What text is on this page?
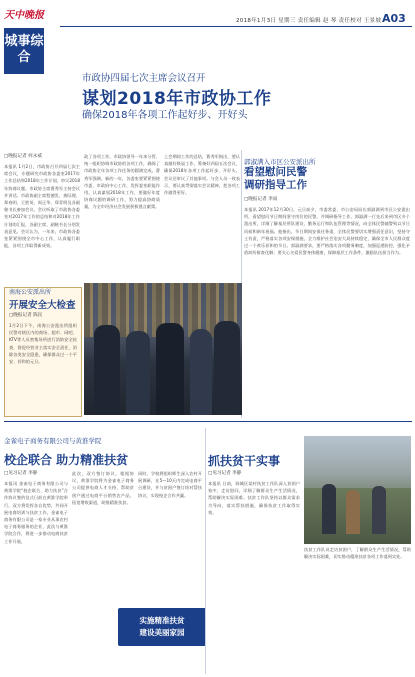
天中晚报
城事综合
2018年1月3日 星期三 责任编辑 赵 琴 责任校对 王景坡 A03
市政协四届七次主席会议召开
谋划2018年市政协工作
确保2018年各项工作起好步、开好头
□晚报记者 何永威
本报讯 1月2日，市政协召开四届七次主席会议，专题研究市政协各委室2017年工作总结和2018年工作计划，审议2018年协商议题。市政协主席曹秀军主持会议并讲话。市政协副主席程德发、黄际理、郑春明、王胜英、周正华、郑青明及各副秘书长参加会议。会议听取了市政协各委室对2017年工作的总结和对2018年工作计划的汇报，各副主席、副秘书长分别发表意见。会议认为，一年来，市政协各委室紧紧围绕全市中心工作，认真履行职能，各项工作取得新成效。
政了各项工作。市政协领导一年来分管、统一组织协调市政协的各项工作，确保了市政协全年各项工作任务的圆满完成。曹秀军强调，新的一年，各委室要紧紧围绕市委、市政府中心工作，发挥委室职能作用，认真谋划2018年工作，要做好年度协商议题的调研工作，努力提高协商质量，为全市经济社会发展积极建言献策。
上会期间工作的总结，曹秀军指出，要认真做好换届工作，筹备好四届五次会议，确保2018年各项工作起好步、开好头。会议还审议了其他事项。与会人员一致表示，要认真贯彻落实会议精神，把各项工作做得更好。
郭淑满入市区公安派出所
看望慰问民警
调研指导工作
□晚报记者 李雨
本报讯 2017年12月30日，元旦前夕，市委常委、市公安局局长郭淑满到市区公安派出所，看望慰问节日期间坚守岗位的民警，并调研指导工作。郭淑满一行先后来到市区多个派出所，详细了解基层所队建设、勤务运行和队伍管理等情况，向全体民警辅警致以节日问候和新年祝福。他指出，节日期间安保任务重，全体民警要切实增强责任意识，坚持守土有责，严格落实各项安保措施，全力维护社会治安大局持续稳定，确保全市人民群众度过一个欢乐祥和的节日。郭淑满要求，要严格落实各项勤务制度，加强巡逻防控，强化矛盾纠纷排查化解；要关心关爱民警身体健康，保障基层工作条件，激励队伍担当作为。
南海公安派出所
开展安全大检查
□晚报记者 陈民
1月2日下午，南海公安派出所组织民警对辖区内的商场、超市、网吧、KTV等人员密集场所进行消防安全检查，督促经营业主落实安全责任，消除各类安全隐患，确保群众过一个平安、祥和的元旦。
金雀电子商务有限公司与黄淮学院
校企联合 助力精准扶贫
□见习记者 李静
本报讯 金雀电子商务有限公司与黄淮学院“校企联合、助力扶贫”合作协议签约仪式日前在黄淮学院举行，双方将发挥各自优势，共同开展电商培训与扶贫工作。金雀电子商务有限公司是一家专业从事农村电子商务服务的企业，此次与黄淮学院合作，将进一步推动电商扶贫工作开展。
此次，双方签订协议，根据协议，黄淮学院将为金雀电子商务公司提供电商人才支持，帮助贫困户通过电商平台销售农产品，拓宽增收渠道，助推精准扶贫。
同时，学校将组织师生深入农村开展调研，在5—10天内完成电商平台建设，并与贫困户签订结对帮扶协议，实现校企合作共赢。
实施精准扶贫
建设美丽家园
抓扶贫干实事
□见习记者 李静
本报讯 日前，驿城区某村扶贫工作队深入贫困户家中，走访慰问，详细了解群众生产生活情况，帮助解决实际困难。扶贫工作队坚持以群众需求为导向，落实帮扶措施，确保扶贫工作取得实效。
扶贫工作队员走访贫困户，了解群众生产生活情况，帮助解决实际困难，切实推动精准扶贫各项工作落到实处。
